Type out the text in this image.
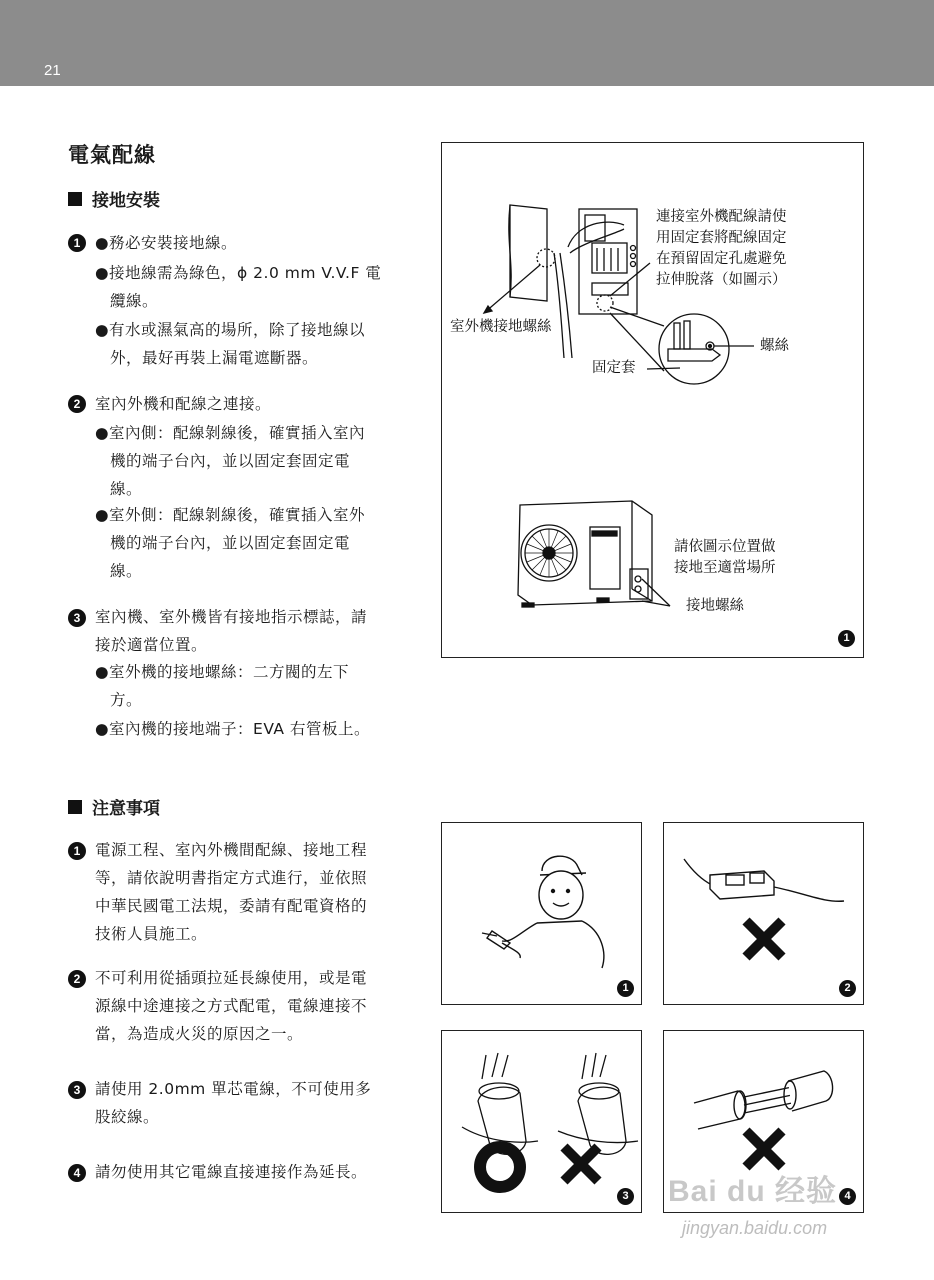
21
電氣配線
接地安裝
1 ●務必安裝接地線。
●接地線需為綠色，ϕ 2.0 mm V.V.F 電
纜線。
●有水或濕氣高的場所，除了接地線以
外，最好再裝上漏電遮斷器。
2 室內外機和配線之連接。
●室內側：配線剝線後，確實插入室內
機的端子台內，並以固定套固定電
線。
●室外側：配線剝線後，確實插入室外
機的端子台內，並以固定套固定電
線。
3 室內機、室外機皆有接地指示標誌，請
接於適當位置。
●室外機的接地螺絲：二方閥的左下
方。
●室內機的接地端子：EVA 右管板上。
連接室外機配線請使
用固定套將配線固定
在預留固定孔處避免
拉伸脫落（如圖示）
室外機接地螺絲
螺絲
固定套
請依圖示位置做
接地至適當場所
接地螺絲
1
注意事項
1 電源工程、室內外機間配線、接地工程
等，請依說明書指定方式進行，並依照
中華民國電工法規，委請有配電資格的
技術人員施工。
2 不可利用從插頭拉延長線使用，或是電
源線中途連接之方式配電，電線連接不
當，為造成火災的原因之一。
3 請使用 2.0mm 單芯電線，不可使用多
股絞線。
4 請勿使用其它電線直接連接作為延長。
1	2
3	4
Bai du 经验
jingyan.baidu.com
